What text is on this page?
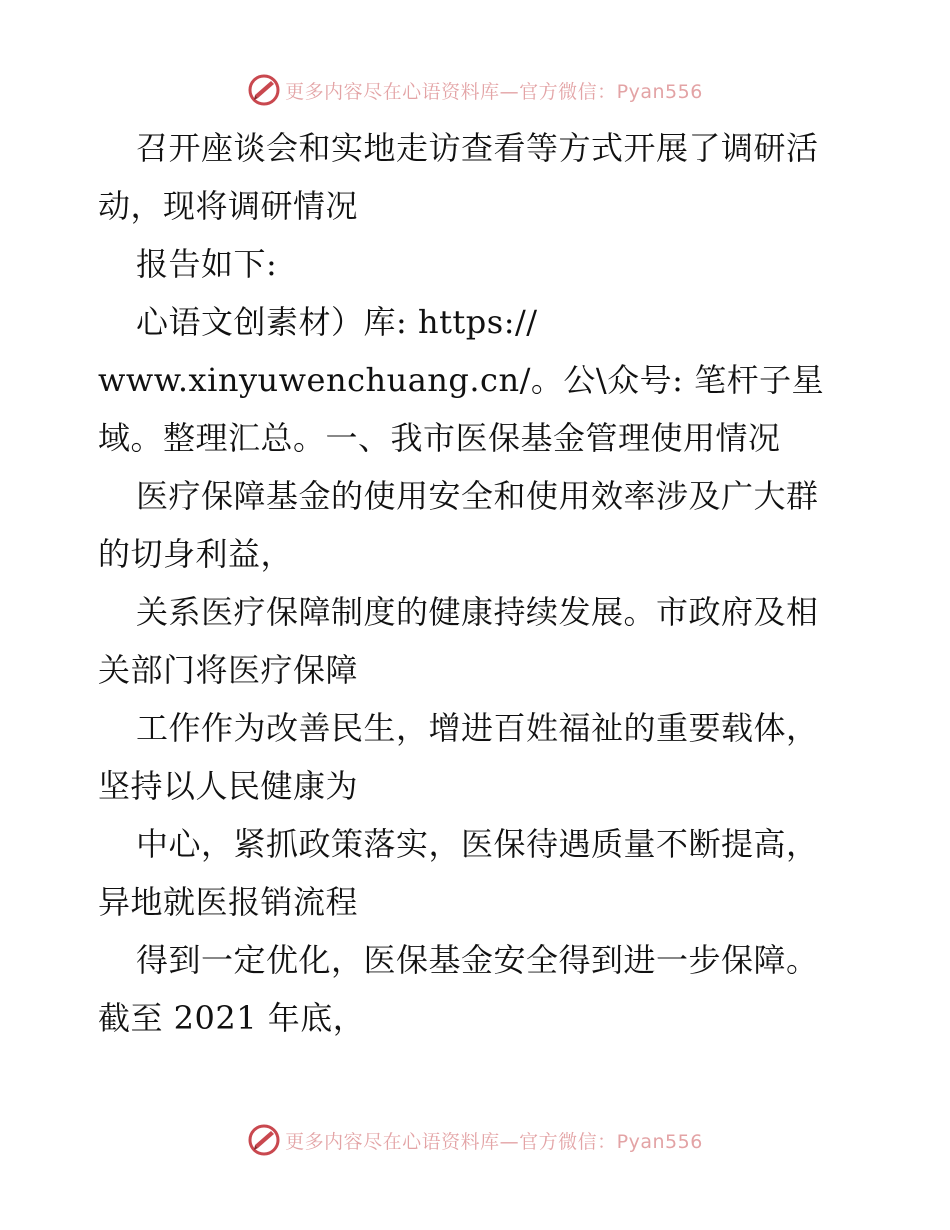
更多内容尽在心语资料库—官方微信：Pyan556
召开座谈会和实地走访查看等方式开展了调研活
动，现将调研情况
报告如下:
心语文创素材）库: https://
www.xinyuwenchuang.cn/。公\众号: 笔杆子星
域。整理汇总。一、我市医保基金管理使用情况
医疗保障基金的使用安全和使用效率涉及广大群
的切身利益，
关系医疗保障制度的健康持续发展。市政府及相
关部门将医疗保障
工作作为改善民生，增进百姓福祉的重要载体，
坚持以人民健康为
中心，紧抓政策落实，医保待遇质量不断提高，
异地就医报销流程
得到一定优化，医保基金安全得到进一步保障。
截至 2021 年底，
更多内容尽在心语资料库—官方微信：Pyan556
